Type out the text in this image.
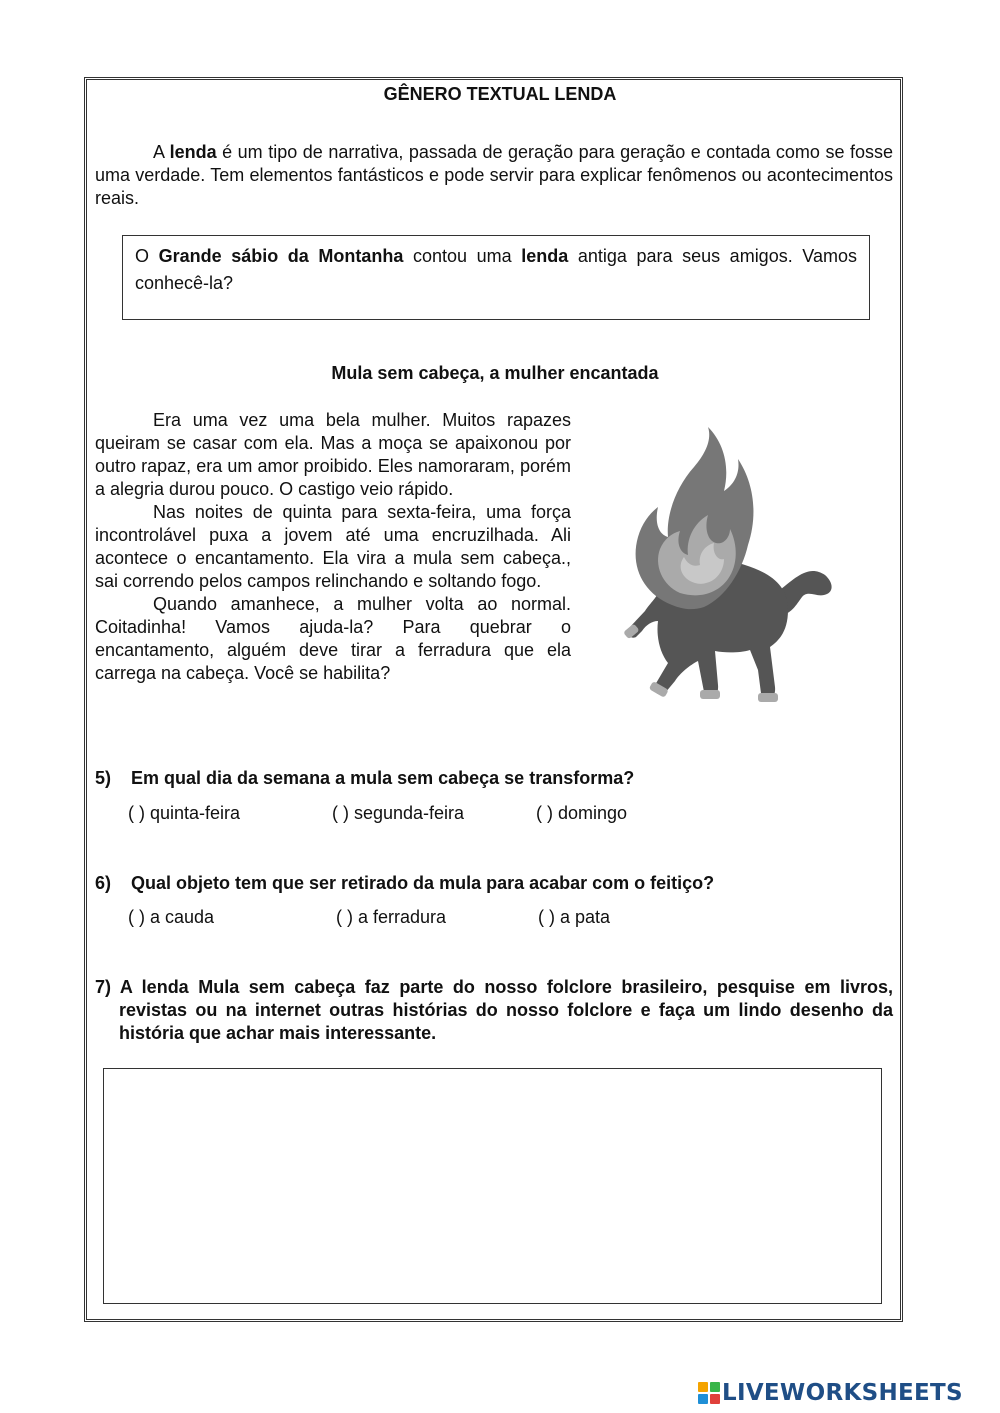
GÊNERO TEXTUAL LENDA
A lenda é um tipo de narrativa, passada de geração para geração e contada como se fosse uma verdade. Tem elementos fantásticos e pode servir para explicar fenômenos ou acontecimentos reais.
O Grande sábio da Montanha contou uma lenda antiga para seus amigos. Vamos conhecê-la?
Mula sem cabeça, a mulher encantada

Era uma vez uma bela mulher. Muitos rapazes queiram se casar com ela. Mas a moça se apaixonou por outro rapaz, era um amor proibido. Eles namoraram, porém a alegria durou pouco. O castigo veio rápido.

Nas noites de quinta para sexta-feira, uma força incontrolável puxa a jovem até uma encruzilhada. Ali acontece o encantamento. Ela vira a mula sem cabeça., sai correndo pelos campos relinchando e soltando fogo.

Quando amanhece, a mulher volta ao normal. Coitadinha! Vamos ajuda-la? Para quebrar o encantamento, alguém deve tirar a ferradura que ela carrega na cabeça. Você se habilita?

5) Em qual dia da semana a mula sem cabeça se transforma?
( ) quinta-feira	( ) segunda-feira	( ) domingo
6) Qual objeto tem que ser retirado da mula para acabar com o feitiço?
( ) a cauda	( ) a ferradura	( ) a pata
7) A lenda Mula sem cabeça faz parte do nosso folclore brasileiro, pesquise em livros, revistas ou na internet outras histórias do nosso folclore e faça um lindo desenho da história que achar mais interessante.
LIVEWORKSHEETS
